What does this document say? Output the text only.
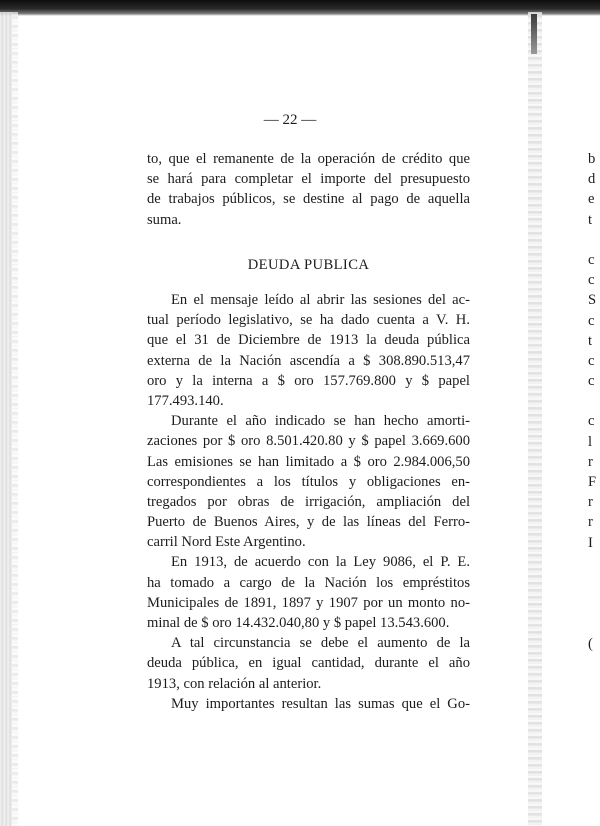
— 22 —
to, que el remanente de la operación de crédito que
se hará para completar el importe del presupuesto
de trabajos públicos, se destine al pago de aquella
suma.
DEUDA PUBLICA
En el mensaje leído al abrir las sesiones del ac-
tual período legislativo, se ha dado cuenta a V. H.
que el 31 de Diciembre de 1913 la deuda pública
externa de la Nación ascendía a $ 308.890.513,47
oro y la interna a $ oro 157.769.800 y $ papel
177.493.140.
Durante el año indicado se han hecho amorti-
zaciones por $ oro 8.501.420.80 y $ papel 3.669.600
Las emisiones se han limitado a $ oro 2.984.006,50
correspondientes a los títulos y obligaciones en-
tregados por obras de irrigación, ampliación del
Puerto de Buenos Aires, y de las líneas del Ferro-
carril Nord Este Argentino.
En 1913, de acuerdo con la Ley 9086, el P. E.
ha tomado a cargo de la Nación los empréstitos
Municipales de 1891, 1897 y 1907 por un monto no-
minal de $ oro 14.432.040,80 y $ papel 13.543.600.
A tal circunstancia se debe el aumento de la
deuda pública, en igual cantidad, durante el año
1913, con relación al anterior.
Muy importantes resultan las sumas que el Go-
b
d
e
t
c
c
S
c
t
c
c
c
l
r
F
r
r
I
(
